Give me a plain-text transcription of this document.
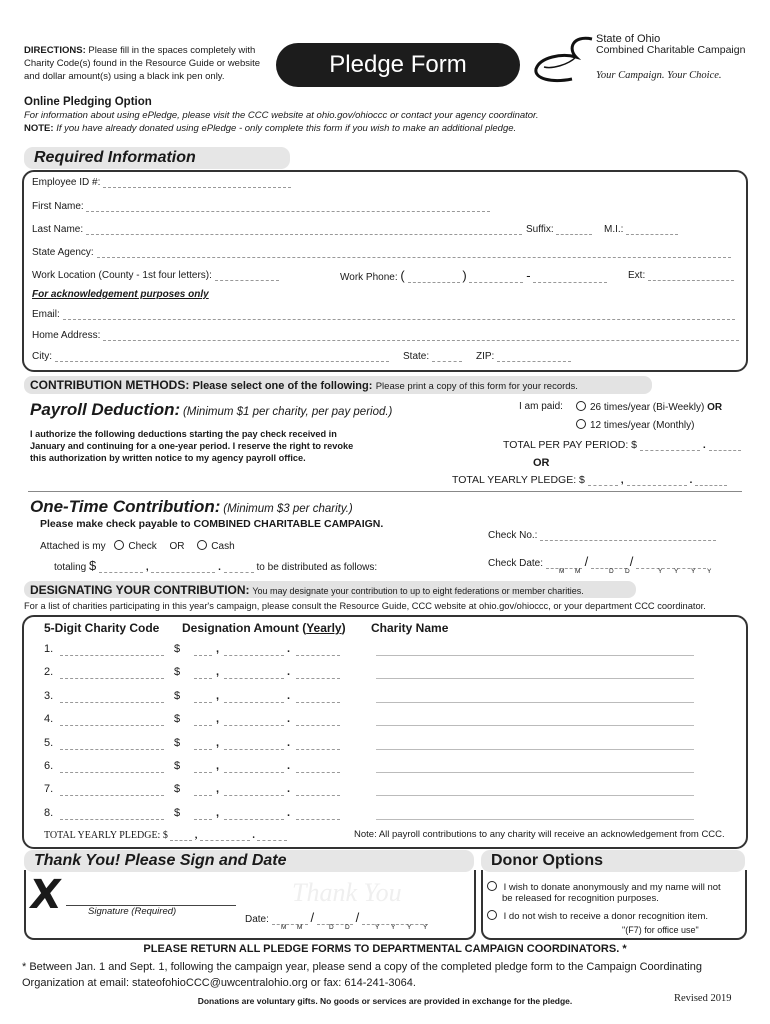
DIRECTIONS: Please fill in the spaces completely with
Charity Code(s) found in the Resource Guide or website
and dollar amount(s) using a black ink pen only.	Pledge Form
State of Ohio
Combined Charitable Campaign
Your Campaign. Your Choice.
Online Pledging Option
For information about using ePledge, please visit the CCC website at ohio.gov/ohioccc or contact your agency coordinator.
NOTE: If you have already donated using ePledge - only complete this form if you wish to make an additional pledge.
Required Information
Employee ID #:
First Name:
Last Name:	Suffix:	M.I.:
State Agency:
Work Location (County - 1st four letters):	Work Phone: (	)	-	Ext:
For acknowledgement purposes only
Email:
Home Address:
City:	State:	ZIP:
CONTRIBUTION METHODS: Please select one of the following: Please print a copy of this form for your records.
Payroll Deduction: (Minimum $1 per charity, per pay period.)
I authorize the following deductions starting the pay check received in
January and continuing for a one-year period. I reserve the right to revoke
this authorization by written notice to my agency payroll office.
I am paid:	26 times/year (Bi-Weekly) OR
12 times/year (Monthly)
TOTAL PER PAY PERIOD: $	.
OR
TOTAL YEARLY PLEDGE: $	,	.
One-Time Contribution: (Minimum $3 per charity.)
Please make check payable to COMBINED CHARITABLE CAMPAIGN.
Attached is my Check OR	Cash
totaling $	,	.	to be distributed as follows:
Check No.:
Check Date:	/	/
M M	D D	Y Y Y Y
DESIGNATING YOUR CONTRIBUTION: You may designate your contribution to up to eight federations or member charities.
For a list of charities participating in this year's campaign, please consult the Resource Guide, CCC website at ohio.gov/ohioccc, or your department CCC coordinator.
5-Digit Charity Code Designation Amount (Yearly) Charity Name
1.	$	,	.
2.	$	,	.
3.	$	,	.
4.	$	,	.
5.	$	,	.
6.	$	,	.
7.	$	,	.
8.	$	,	.
TOTAL YEARLY PLEDGE: $	,	.	Note: All payroll contributions to any charity will receive an acknowledgement from CCC.
Thank You! Please Sign and Date
X	Thank You
Signature (Required)
Date:	/	/
M M	D D	Y Y Y Y
Donor Options
I wish to donate anonymously and my name will not
be released for recognition purposes.
I do not wish to receive a donor recognition item.
"(F7) for office use"
PLEASE RETURN ALL PLEDGE FORMS TO DEPARTMENTAL CAMPAIGN COORDINATORS. *
* Between Jan. 1 and Sept. 1, following the campaign year, please send a copy of the completed pledge form to the Campaign Coordinating
Organization at email: stateofohioCCC@uwcentralohio.org or fax: 614-241-3064.
Donations are voluntary gifts. No goods or services are provided in exchange for the pledge.	Revised 2019
